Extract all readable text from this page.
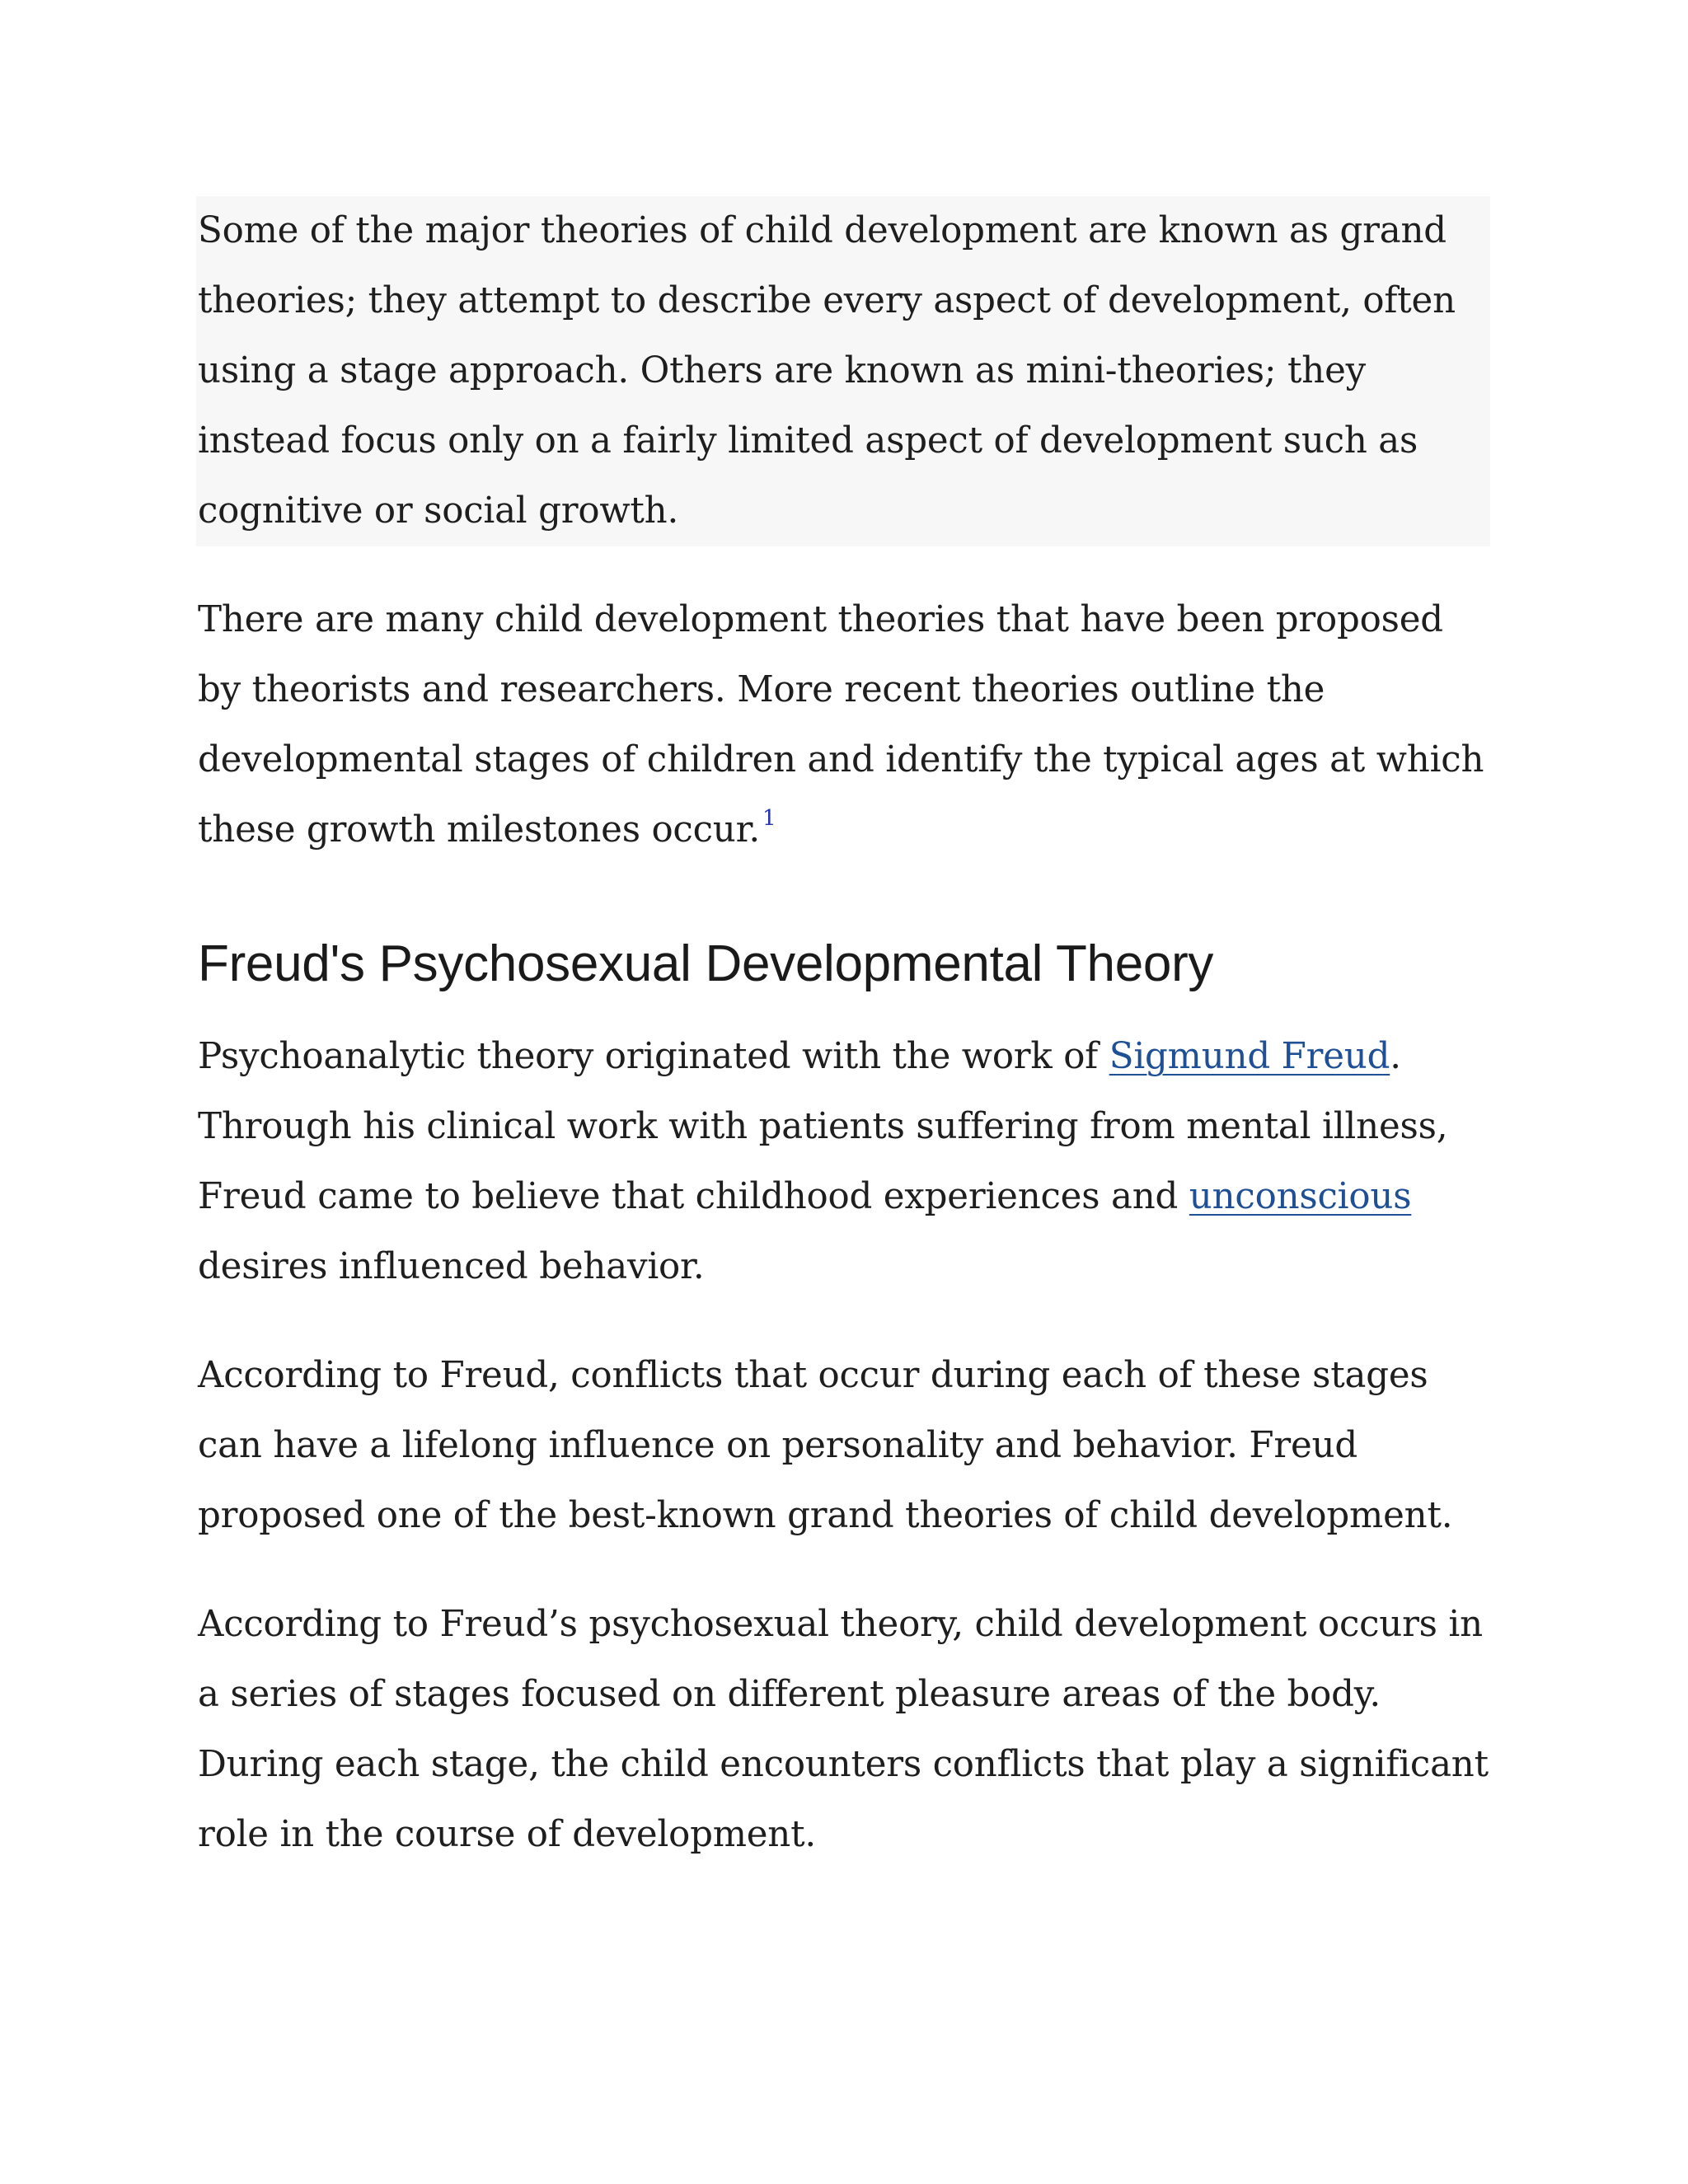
Some of the major theories of child development are known as grand theories; they attempt to describe every aspect of development, often using a stage approach. Others are known as mini-theories; they instead focus only on a fairly limited aspect of development such as cognitive or social growth.

There are many child development theories that have been proposed by theorists and researchers. More recent theories outline the developmental stages of children and identify the typical ages at which these growth milestones occur. $^1$

Freud's Psychosexual Developmental Theory

Psychoanalytic theory originated with the work of Sigmund Freud. Through his clinical work with patients suffering from mental illness, Freud came to believe that childhood experiences and unconscious desires influenced behavior.

According to Freud, conflicts that occur during each of these stages can have a lifelong influence on personality and behavior. Freud proposed one of the best-known grand theories of child development.

According to Freud’s psychosexual theory, child development occurs in a series of stages focused on different pleasure areas of the body. During each stage, the child encounters conflicts that play a significant role in the course of development.
